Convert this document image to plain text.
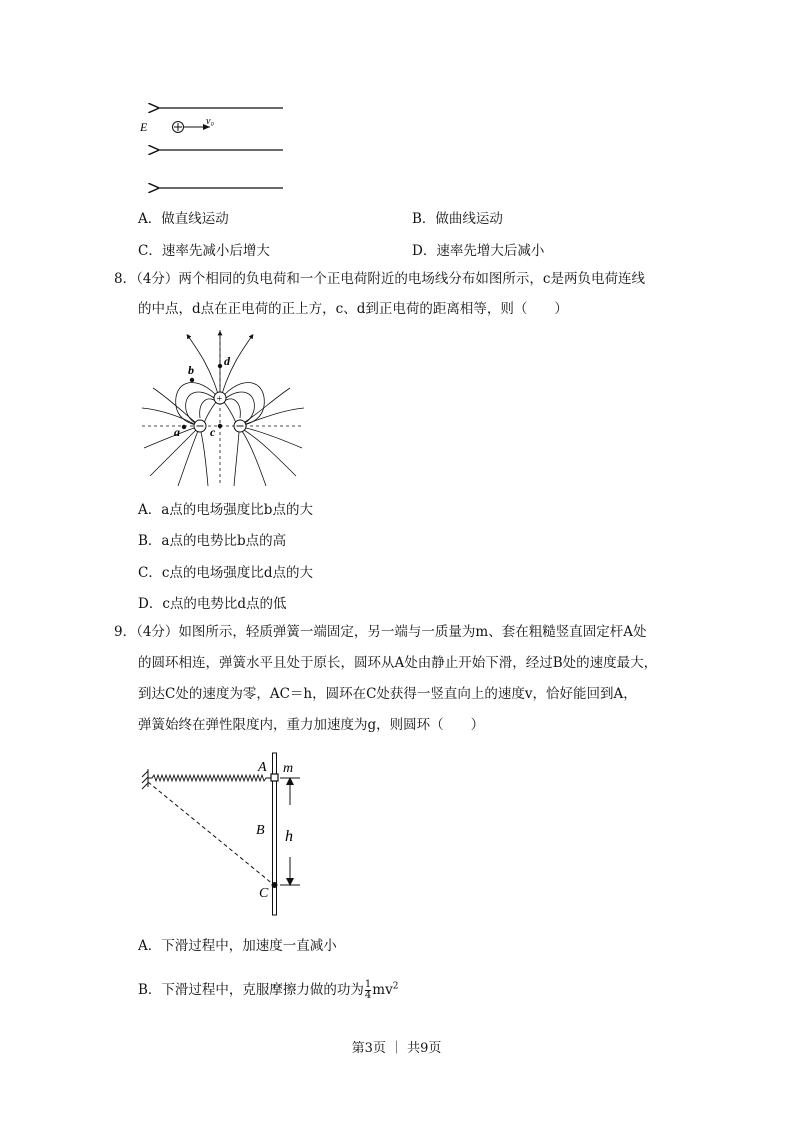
E	v₀
A．做直线运动	B．做曲线运动
C．速率先减小后增大	D．速率先增大后减小
8．（4分）两个相同的负电荷和一个正电荷附近的电场线分布如图所示，c是两负电荷连线
的中点，d点在正电荷的正上方，c、d到正电荷的距离相等，则（　　）
+
d
b
a	c
A．a点的电场强度比b点的大
B．a点的电势比b点的高
C．c点的电场强度比d点的大
D．c点的电势比d点的低
9．（4分）如图所示，轻质弹簧一端固定，另一端与一质量为m、套在粗糙竖直固定杆A处
的圆环相连，弹簧水平且处于原长，圆环从A处由静止开始下滑，经过B处的速度最大，
到达C处的速度为零，AC＝h，圆环在C处获得一竖直向上的速度v，恰好能回到A，
弹簧始终在弹性限度内，重力加速度为g，则圆环（　　）
A m
B h
C
A．下滑过程中，加速度一直减小
B．下滑过程中，克服摩擦力做的功为 $\frac{1}{4} mv^2$
第3页 ｜ 共9页
